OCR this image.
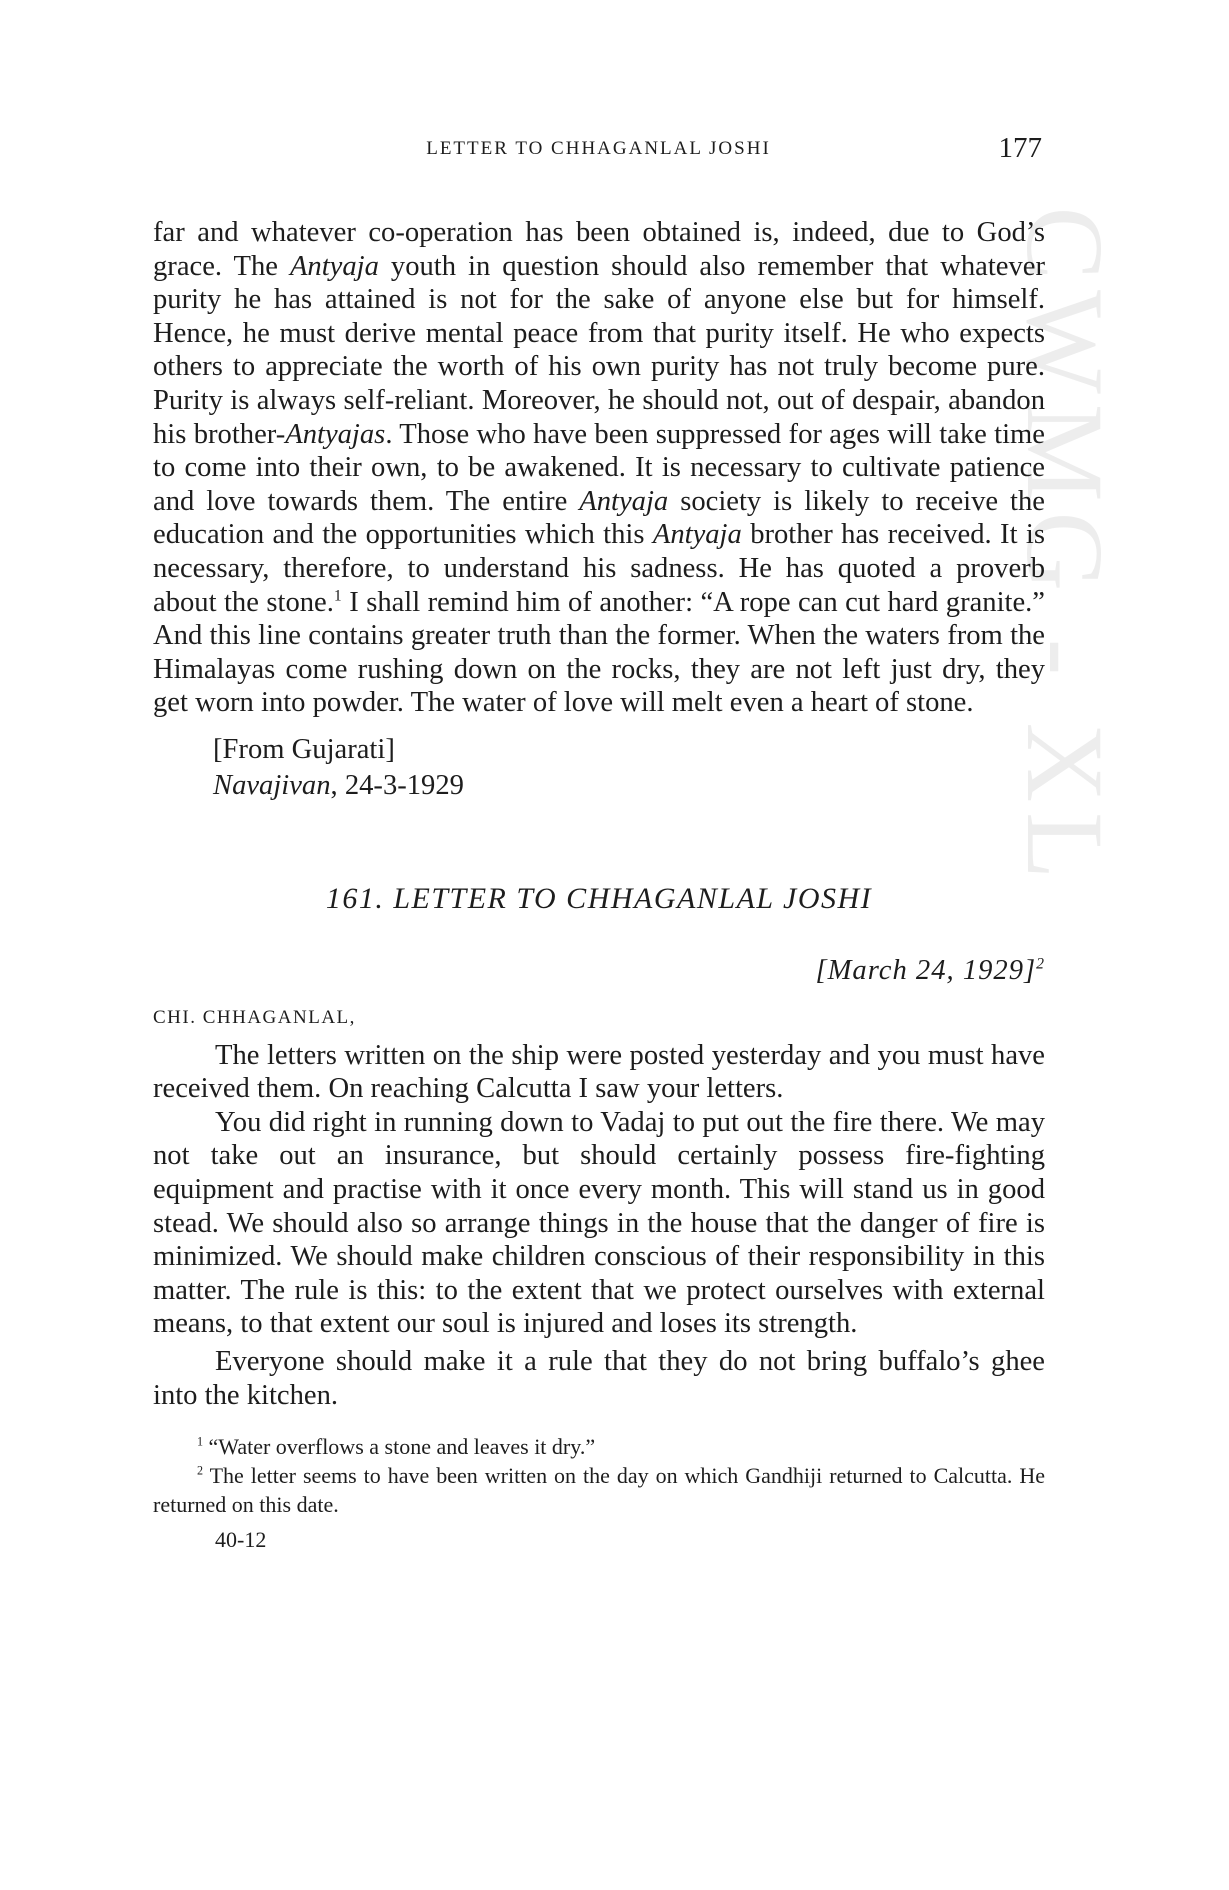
CWMG - XL
LETTER TO CHHAGANLAL JOSHI	177

far and whatever co-operation has been obtained is, indeed, due to God’s grace. The Antyaja youth in question should also remember that whatever purity he has attained is not for the sake of anyone else but for himself. Hence, he must derive mental peace from that purity itself. He who expects others to appreciate the worth of his own purity has not truly become pure. Purity is always self-reliant. Moreover, he should not, out of despair, abandon his brother-Antyajas. Those who have been suppressed for ages will take time to come into their own, to be awakened. It is necessary to cultivate patience and love towards them. The entire Antyaja society is likely to receive the education and the opportunities which this Antyaja brother has received. It is necessary, therefore, to understand his sadness. He has quoted a proverb about the stone.$^1$ I shall remind him of another: “A rope can cut hard granite.” And this line contains greater truth than the former. When the waters from the Himalayas come rushing down on the rocks, they are not left just dry, they get worn into powder. The water of love will melt even a heart of stone.

[From Gujarati]
Navajivan, 24-3-1929

161. LETTER TO CHHAGANLAL JOSHI

[March 24, 1929]$^2$

CHI. CHHAGANLAL,

The letters written on the ship were posted yesterday and you must have received them. On reaching Calcutta I saw your letters.

You did right in running down to Vadaj to put out the fire there. We may not take out an insurance, but should certainly possess fire-fighting equipment and practise with it once every month. This will stand us in good stead. We should also so arrange things in the house that the danger of fire is minimized. We should make children conscious of their responsibility in this matter. The rule is this: to the extent that we protect ourselves with external means, to that extent our soul is injured and loses its strength.

Everyone should make it a rule that they do not bring buffalo’s ghee into the kitchen.

$^1$ “Water overflows a stone and leaves it dry.”

$^2$ The letter seems to have been written on the day on which Gandhiji returned to Calcutta. He returned on this date.

40-12
